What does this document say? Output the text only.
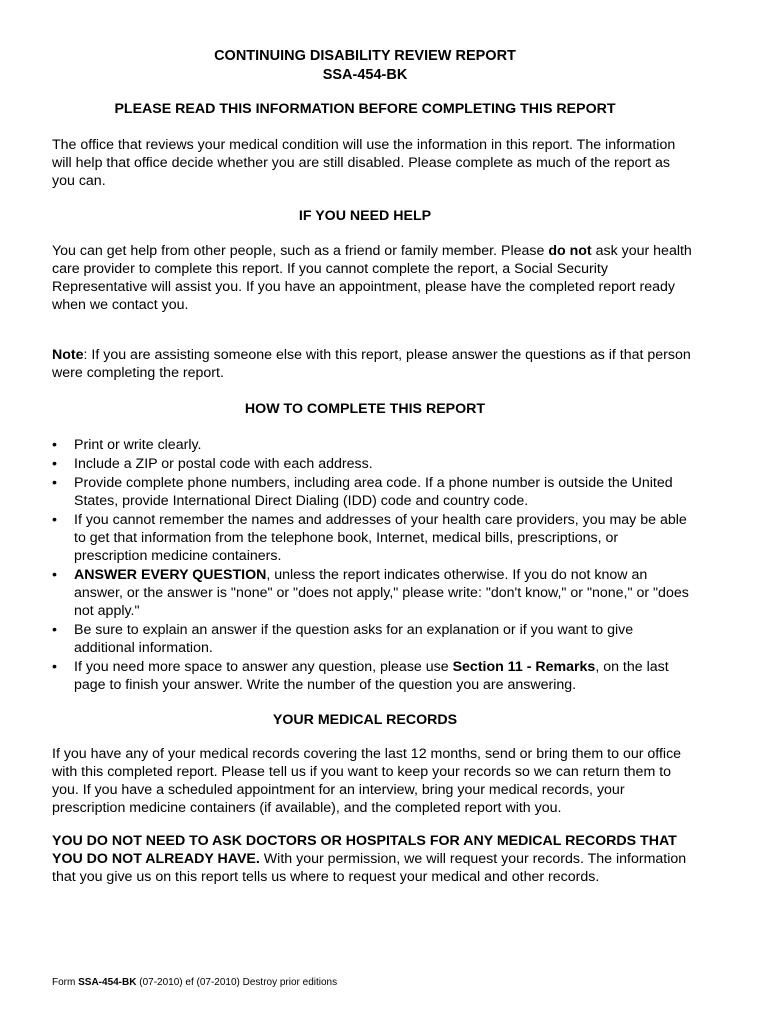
CONTINUING DISABILITY REVIEW REPORT
SSA-454-BK
PLEASE READ THIS INFORMATION BEFORE COMPLETING THIS REPORT

The office that reviews your medical condition will use the information in this report. The information will help that office decide whether you are still disabled. Please complete as much of the report as you can.

IF YOU NEED HELP

You can get help from other people, such as a friend or family member. Please do not ask your health care provider to complete this report. If you cannot complete the report, a Social Security Representative will assist you. If you have an appointment, please have the completed report ready when we contact you.

Note: If you are assisting someone else with this report, please answer the questions as if that person were completing the report.

HOW TO COMPLETE THIS REPORT
• Print or write clearly.
• Include a ZIP or postal code with each address.
• Provide complete phone numbers, including area code. If a phone number is outside the United States, provide International Direct Dialing (IDD) code and country code.
• If you cannot remember the names and addresses of your health care providers, you may be able to get that information from the telephone book, Internet, medical bills, prescriptions, or prescription medicine containers.
• ANSWER EVERY QUESTION, unless the report indicates otherwise. If you do not know an answer, or the answer is "none" or "does not apply," please write: "don't know," or "none," or "does not apply."
• Be sure to explain an answer if the question asks for an explanation or if you want to give additional information.
• If you need more space to answer any question, please use Section 11 - Remarks, on the last page to finish your answer. Write the number of the question you are answering.
YOUR MEDICAL RECORDS

If you have any of your medical records covering the last 12 months, send or bring them to our office with this completed report. Please tell us if you want to keep your records so we can return them to you. If you have a scheduled appointment for an interview, bring your medical records, your prescription medicine containers (if available), and the completed report with you.

YOU DO NOT NEED TO ASK DOCTORS OR HOSPITALS FOR ANY MEDICAL RECORDS THAT YOU DO NOT ALREADY HAVE. With your permission, we will request your records. The information that you give us on this report tells us where to request your medical and other records.

Form SSA-454-BK (07-2010) ef (07-2010) Destroy prior editions
